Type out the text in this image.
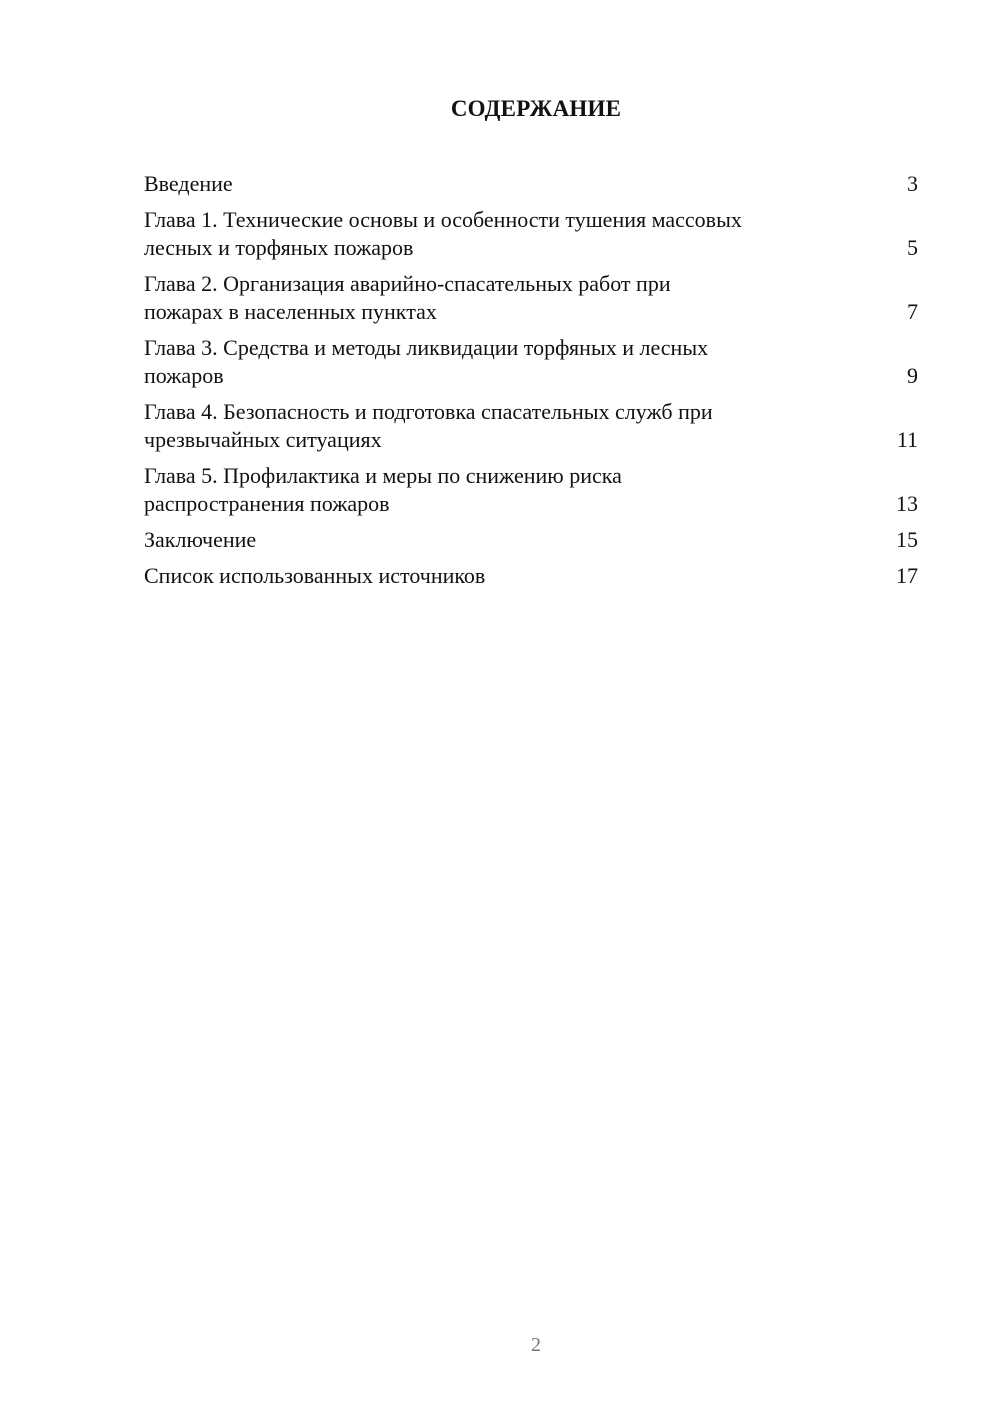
СОДЕРЖАНИЕ
Введение	3
Глава 1. Технические основы и особенности тушения массовых
лесных и торфяных пожаров	5
Глава 2. Организация аварийно-спасательных работ при
пожарах в населенных пунктах	7
Глава 3. Средства и методы ликвидации торфяных и лесных
пожаров	9
Глава 4. Безопасность и подготовка спасательных служб при
чрезвычайных ситуациях	11
Глава 5. Профилактика и меры по снижению риска
распространения пожаров	13
Заключение	15
Список использованных источников	17
2
